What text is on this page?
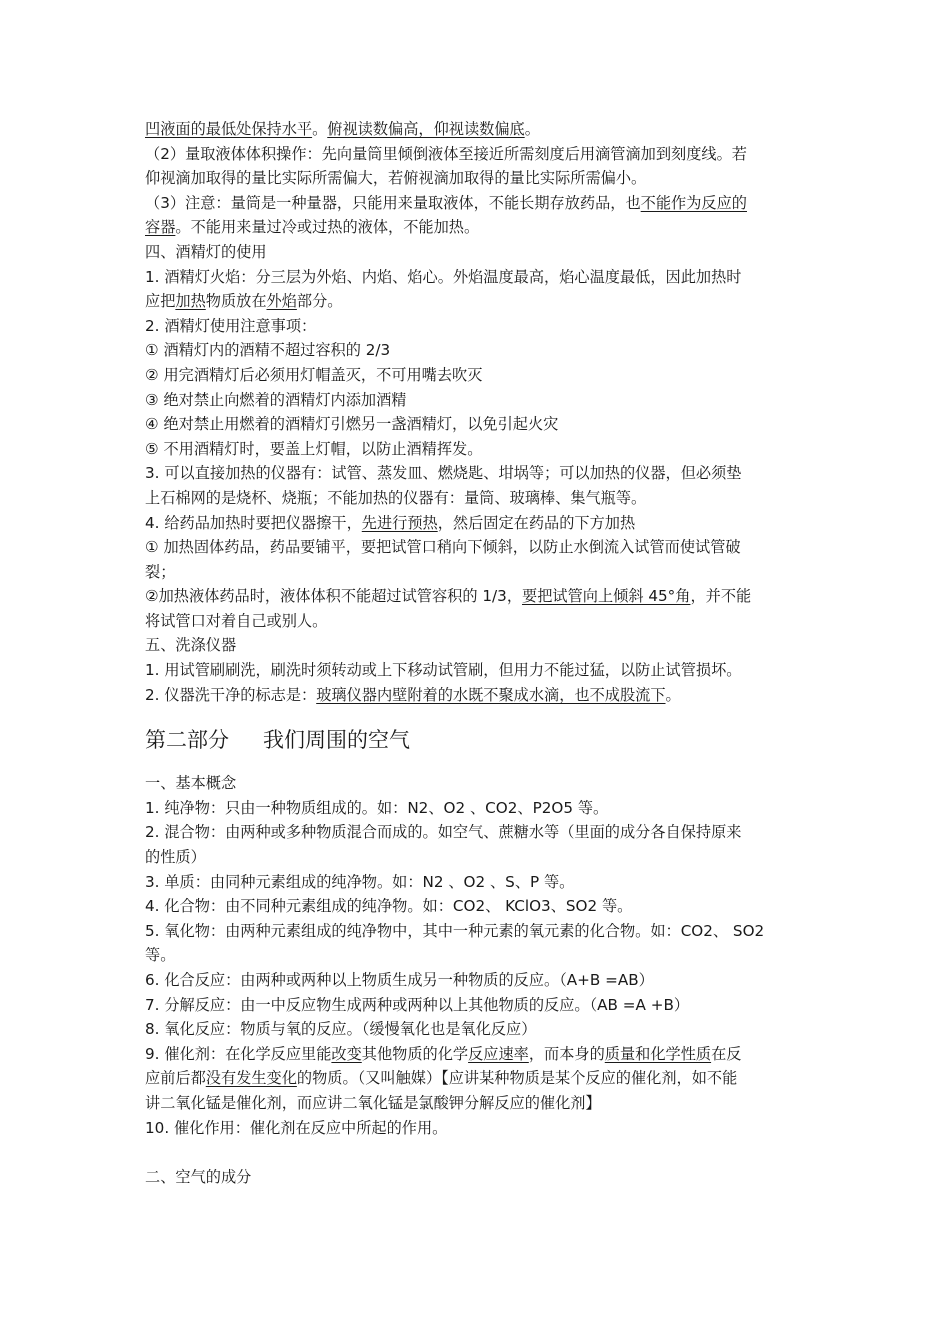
凹液面的最低处保持水平。俯视读数偏高，仰视读数偏底。
（2）量取液体体积操作：先向量筒里倾倒液体至接近所需刻度后用滴管滴加到刻度线。若
仰视滴加取得的量比实际所需偏大，若俯视滴加取得的量比实际所需偏小。
（3）注意：量筒是一种量器，只能用来量取液体，不能长期存放药品，也不能作为反应的
容器。不能用来量过冷或过热的液体，不能加热。
四、酒精灯的使用
1. 酒精灯火焰：分三层为外焰、内焰、焰心。外焰温度最高，焰心温度最低，因此加热时
应把加热物质放在外焰部分。
2. 酒精灯使用注意事项：
① 酒精灯内的酒精不超过容积的 2/3
② 用完酒精灯后必须用灯帽盖灭，不可用嘴去吹灭
③ 绝对禁止向燃着的酒精灯内添加酒精
④ 绝对禁止用燃着的酒精灯引燃另一盏酒精灯，以免引起火灾
⑤ 不用酒精灯时，要盖上灯帽，以防止酒精挥发。
3. 可以直接加热的仪器有：试管、蒸发皿、燃烧匙、坩埚等；可以加热的仪器，但必须垫
上石棉网的是烧杯、烧瓶；不能加热的仪器有：量筒、玻璃棒、集气瓶等。
4. 给药品加热时要把仪器擦干，先进行预热，然后固定在药品的下方加热
① 加热固体药品，药品要铺平，要把试管口稍向下倾斜，以防止水倒流入试管而使试管破
裂；
②加热液体药品时，液体体积不能超过试管容积的 1/3，要把试管向上倾斜 45°角，并不能
将试管口对着自己或别人。
五、洗涤仪器
1. 用试管刷刷洗，刷洗时须转动或上下移动试管刷，但用力不能过猛，以防止试管损坏。
2. 仪器洗干净的标志是：玻璃仪器内壁附着的水既不聚成水滴，也不成股流下。
第二部分 我们周围的空气
一、基本概念
1. 纯净物：只由一种物质组成的。如：N2、O2 、CO2、P2O5 等。
2. 混合物：由两种或多种物质混合而成的。如空气、蔗糖水等（里面的成分各自保持原来
的性质）
3. 单质：由同种元素组成的纯净物。如：N2 、O2 、S、P 等。
4. 化合物：由不同种元素组成的纯净物。如：CO2、 KClO3、SO2 等。
5. 氧化物：由两种元素组成的纯净物中，其中一种元素的氧元素的化合物。如：CO2、 SO2
等。
6. 化合反应：由两种或两种以上物质生成另一种物质的反应。（A+B =AB）
7. 分解反应：由一中反应物生成两种或两种以上其他物质的反应。（AB =A +B）
8. 氧化反应：物质与氧的反应。（缓慢氧化也是氧化反应）
9. 催化剂：在化学反应里能改变其他物质的化学反应速率，而本身的质量和化学性质在反
应前后都没有发生变化的物质。（又叫触媒）【应讲某种物质是某个反应的催化剂，如不能
讲二氧化锰是催化剂，而应讲二氧化锰是氯酸钾分解反应的催化剂】
10. 催化作用：催化剂在反应中所起的作用。
二、空气的成分
